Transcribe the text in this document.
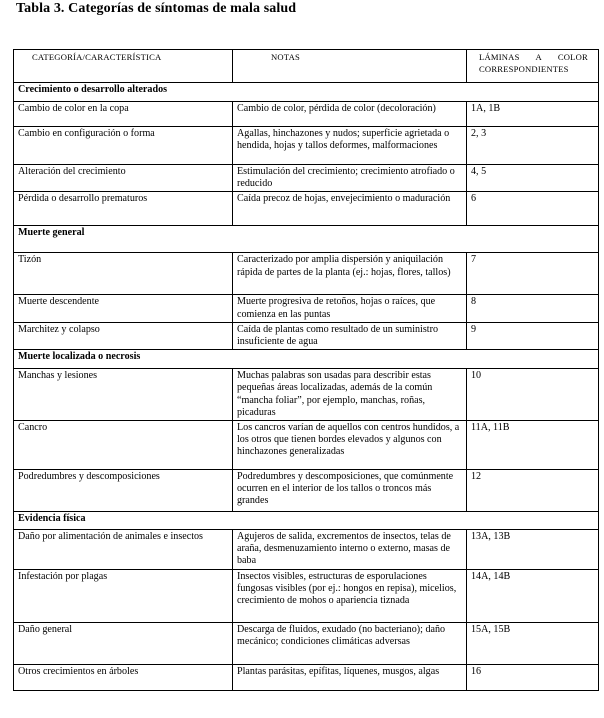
Tabla 3. Categorías de síntomas de mala salud
CATEGORÍA/CARACTERÍSTICA	NOTAS	LÁMINAS A COLOR
CORRESPONDIENTES

Crecimiento o desarrollo alterados		
Cambio de color en la copa	Cambio de color, pérdida de color (decoloración)	1A, 1B
Cambio en configuración o forma	Agallas, hinchazones y nudos; superficie agrietada o hendida, hojas y tallos deformes, malformaciones	2, 3
Alteración del crecimiento	Estimulación del crecimiento; crecimiento atrofiado o reducido	4, 5
Pérdida o desarrollo prematuros	Caída precoz de hojas, envejecimiento o maduración	6
Muerte general		
Tizón	Caracterizado por amplia dispersión y aniquilación rápida de partes de la planta (ej.: hojas, flores, tallos)	7
Muerte descendente	Muerte progresiva de retoños, hojas o raíces, que comienza en las puntas	8
Marchitez y colapso	Caída de plantas como resultado de un suministro insuficiente de agua	9
Muerte localizada o necrosis		
Manchas y lesiones	Muchas palabras son usadas para describir estas pequeñas áreas localizadas, además de la común “mancha foliar”, por ejemplo, manchas, roñas, picaduras	10
Cancro	Los cancros varían de aquellos con centros hundidos, a los otros que tienen bordes elevados y algunos con hinchazones generalizadas	11A, 11B
Podredumbres y descomposiciones	Podredumbres y descomposiciones, que comúnmente ocurren en el interior de los tallos o troncos más grandes	12
Evidencia física		
Daño por alimentación de animales e insectos	Agujeros de salida, excrementos de insectos, telas de araña, desmenuzamiento interno o externo, masas de baba	13A, 13B
Infestación por plagas	Insectos visibles, estructuras de esporulaciones fungosas visibles (por ej.: hongos en repisa), micelios, crecimiento de mohos o apariencia tiznada	14A, 14B
Daño general	Descarga de fluidos, exudado (no bacteriano); daño mecánico; condiciones climáticas adversas	15A, 15B
Otros crecimientos en árboles	Plantas parásitas, epífitas, líquenes, musgos, algas	16
